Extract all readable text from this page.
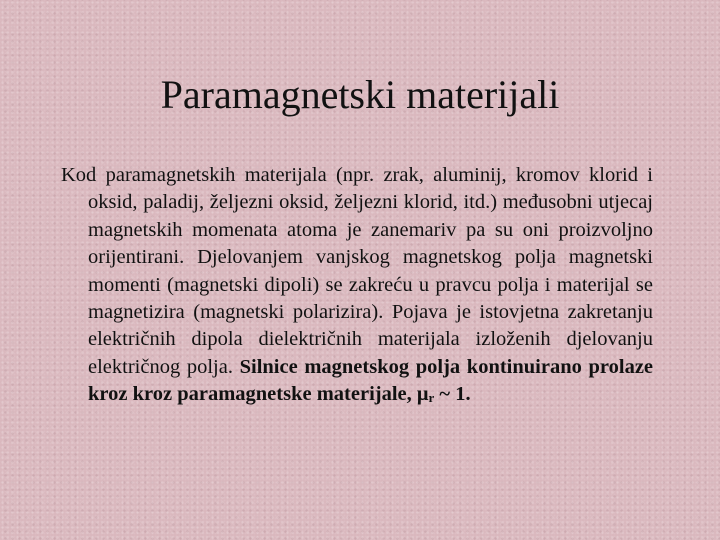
Paramagnetski materijali

Kod paramagnetskih materijala (npr. zrak, aluminij, kromov klorid i oksid, paladij, željezni oksid, željezni klorid, itd.) međusobni utjecaj magnetskih momenata atoma je zanemariv pa su oni proizvoljno orijentirani. Djelovanjem vanjskog magnetskog polja magnetski momenti (magnetski dipoli) se zakreću u pravcu polja i materijal se magnetizira (magnetski polarizira). Pojava je istovjetna zakretanju električnih dipola dielektričnih materijala izloženih djelovanju električnog polja. Silnice magnetskog polja kontinuirano prolaze kroz kroz paramagnetske materijale, μr ~ 1.
